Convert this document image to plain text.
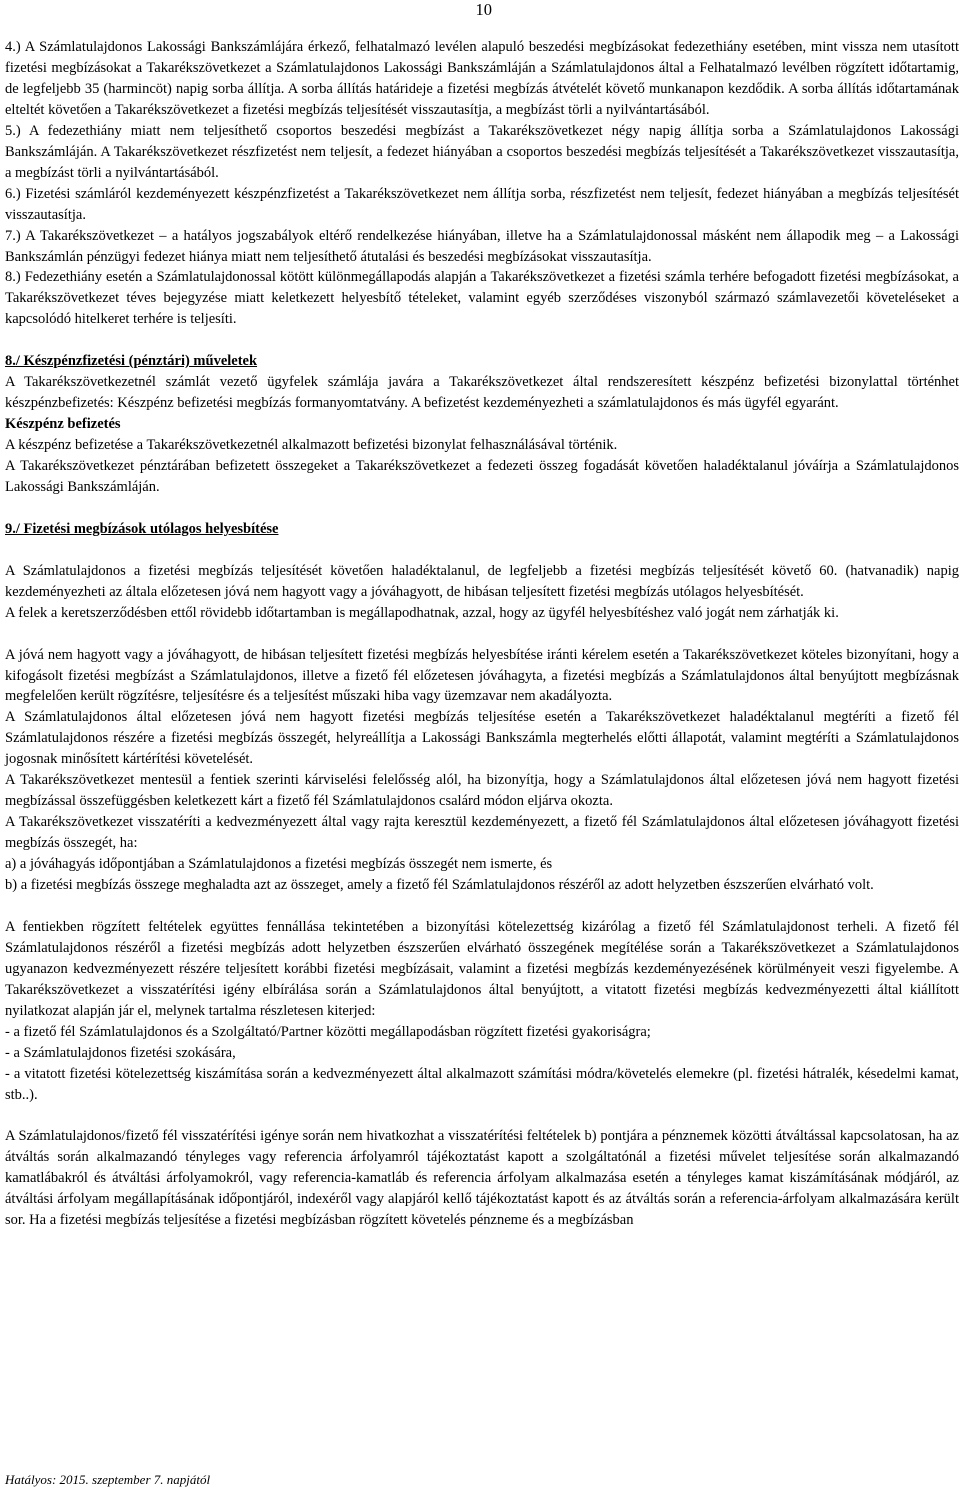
10

4.) A Számlatulajdonos Lakossági Bankszámlájára érkező, felhatalmazó levélen alapuló beszedési megbízásokat fedezethiány esetében, mint vissza nem utasított fizetési megbízásokat a Takarékszövetkezet a Számlatulajdonos Lakossági Bankszámláján a Számlatulajdonos által a Felhatalmazó levélben rögzített időtartamig, de legfeljebb 35 (harmincöt) napig sorba állítja. A sorba állítás határideje a fizetési megbízás átvételét követő munkanapon kezdődik. A sorba állítás időtartamának elteltét követően a Takarékszövetkezet a fizetési megbízás teljesítését visszautasítja, a megbízást törli a nyilvántartásából.

5.) A fedezethiány miatt nem teljesíthető csoportos beszedési megbízást a Takarékszövetkezet négy napig állítja sorba a Számlatulajdonos Lakossági Bankszámláján. A Takarékszövetkezet részfizetést nem teljesít, a fedezet hiányában a csoportos beszedési megbízás teljesítését a Takarékszövetkezet visszautasítja, a megbízást törli a nyilvántartásából.

6.) Fizetési számláról kezdeményezett készpénzfizetést a Takarékszövetkezet nem állítja sorba, részfizetést nem teljesít, fedezet hiányában a megbízás teljesítését visszautasítja.

7.) A Takarékszövetkezet – a hatályos jogszabályok eltérő rendelkezése hiányában, illetve ha a Számlatulajdonossal másként nem állapodik meg – a Lakossági Bankszámlán pénzügyi fedezet hiánya miatt nem teljesíthető átutalási és beszedési megbízásokat visszautasítja.

8.) Fedezethiány esetén a Számlatulajdonossal kötött különmegállapodás alapján a Takarékszövetkezet a fizetési számla terhére befogadott fizetési megbízásokat, a Takarékszövetkezet téves bejegyzése miatt keletkezett helyesbítő tételeket, valamint egyéb szerződéses viszonyból származó számlavezetői követeléseket a kapcsolódó hitelkeret terhére is teljesíti.

8./ Készpénzfizetési (pénztári) műveletek

A Takarékszövetkezetnél számlát vezető ügyfelek számlája javára a Takarékszövetkezet által rendszeresített készpénz befizetési bizonylattal történhet készpénzbefizetés: Készpénz befizetési megbízás formanyomtatvány. A befizetést kezdeményezheti a számlatulajdonos és más ügyfél egyaránt.

Készpénz befizetés

A készpénz befizetése a Takarékszövetkezetnél alkalmazott befizetési bizonylat felhasználásával történik.

A Takarékszövetkezet pénztárában befizetett összegeket a Takarékszövetkezet a fedezeti összeg fogadását követően haladéktalanul jóváírja a Számlatulajdonos Lakossági Bankszámláján.

9./ Fizetési megbízások utólagos helyesbítése

A Számlatulajdonos a fizetési megbízás teljesítését követően haladéktalanul, de legfeljebb a fizetési megbízás teljesítését követő 60. (hatvanadik) napig kezdeményezheti az általa előzetesen jóvá nem hagyott vagy a jóváhagyott, de hibásan teljesített fizetési megbízás utólagos helyesbítését.

A felek a keretszerződésben ettől rövidebb időtartamban is megállapodhatnak, azzal, hogy az ügyfél helyesbítéshez való jogát nem zárhatják ki.

A jóvá nem hagyott vagy a jóváhagyott, de hibásan teljesített fizetési megbízás helyesbítése iránti kérelem esetén a Takarékszövetkezet köteles bizonyítani, hogy a kifogásolt fizetési megbízást a Számlatulajdonos, illetve a fizető fél előzetesen jóváhagyta, a fizetési megbízás a Számlatulajdonos által benyújtott megbízásnak megfelelően került rögzítésre, teljesítésre és a teljesítést műszaki hiba vagy üzemzavar nem akadályozta.

A Számlatulajdonos által előzetesen jóvá nem hagyott fizetési megbízás teljesítése esetén a Takarékszövetkezet haladéktalanul megtéríti a fizető fél Számlatulajdonos részére a fizetési megbízás összegét, helyreállítja a Lakossági Bankszámla megterhelés előtti állapotát, valamint megtéríti a Számlatulajdonos jogosnak minősített kártérítési követelését.

A Takarékszövetkezet mentesül a fentiek szerinti kárviselési felelősség alól, ha bizonyítja, hogy a Számlatulajdonos által előzetesen jóvá nem hagyott fizetési megbízással összefüggésben keletkezett kárt a fizető fél Számlatulajdonos csalárd módon eljárva okozta.

A Takarékszövetkezet visszatéríti a kedvezményezett által vagy rajta keresztül kezdeményezett, a fizető fél Számlatulajdonos által előzetesen jóváhagyott fizetési megbízás összegét, ha:

a) a jóváhagyás időpontjában a Számlatulajdonos a fizetési megbízás összegét nem ismerte, és

b) a fizetési megbízás összege meghaladta azt az összeget, amely a fizető fél Számlatulajdonos részéről az adott helyzetben észszerűen elvárható volt.

A fentiekben rögzített feltételek együttes fennállása tekintetében a bizonyítási kötelezettség kizárólag a fizető fél Számlatulajdonost terheli. A fizető fél Számlatulajdonos részéről a fizetési megbízás adott helyzetben észszerűen elvárható összegének megítélése során a Takarékszövetkezet a Számlatulajdonos ugyanazon kedvezményezett részére teljesített korábbi fizetési megbízásait, valamint a fizetési megbízás kezdeményezésének körülményeit veszi figyelembe. A Takarékszövetkezet a visszatérítési igény elbírálása során a Számlatulajdonos által benyújtott, a vitatott fizetési megbízás kedvezményezetti által kiállított nyilatkozat alapján jár el, melynek tartalma részletesen kiterjed:

- a fizető fél Számlatulajdonos és a Szolgáltató/Partner közötti megállapodásban rögzített fizetési gyakoriságra;

- a Számlatulajdonos fizetési szokására,

- a vitatott fizetési kötelezettség kiszámítása során a kedvezményezett által alkalmazott számítási módra/követelés elemekre (pl. fizetési hátralék, késedelmi kamat, stb..).

A Számlatulajdonos/fizető fél visszatérítési igénye során nem hivatkozhat a visszatérítési feltételek b) pontjára a pénznemek közötti átváltással kapcsolatosan, ha az átváltás során alkalmazandó tényleges vagy referencia árfolyamról tájékoztatást kapott a szolgáltatónál a fizetési művelet teljesítése során alkalmazandó kamatlábakról és átváltási árfolyamokról, vagy referencia-kamatláb és referencia árfolyam alkalmazása esetén a tényleges kamat kiszámításának módjáról, az átváltási árfolyam megállapításának időpontjáról, indexéről vagy alapjáról kellő tájékoztatást kapott és az átváltás során a referencia-árfolyam alkalmazására került sor. Ha a fizetési megbízás teljesítése a fizetési megbízásban rögzített követelés pénzneme és a megbízásban

Hatályos: 2015. szeptember 7. napjától
